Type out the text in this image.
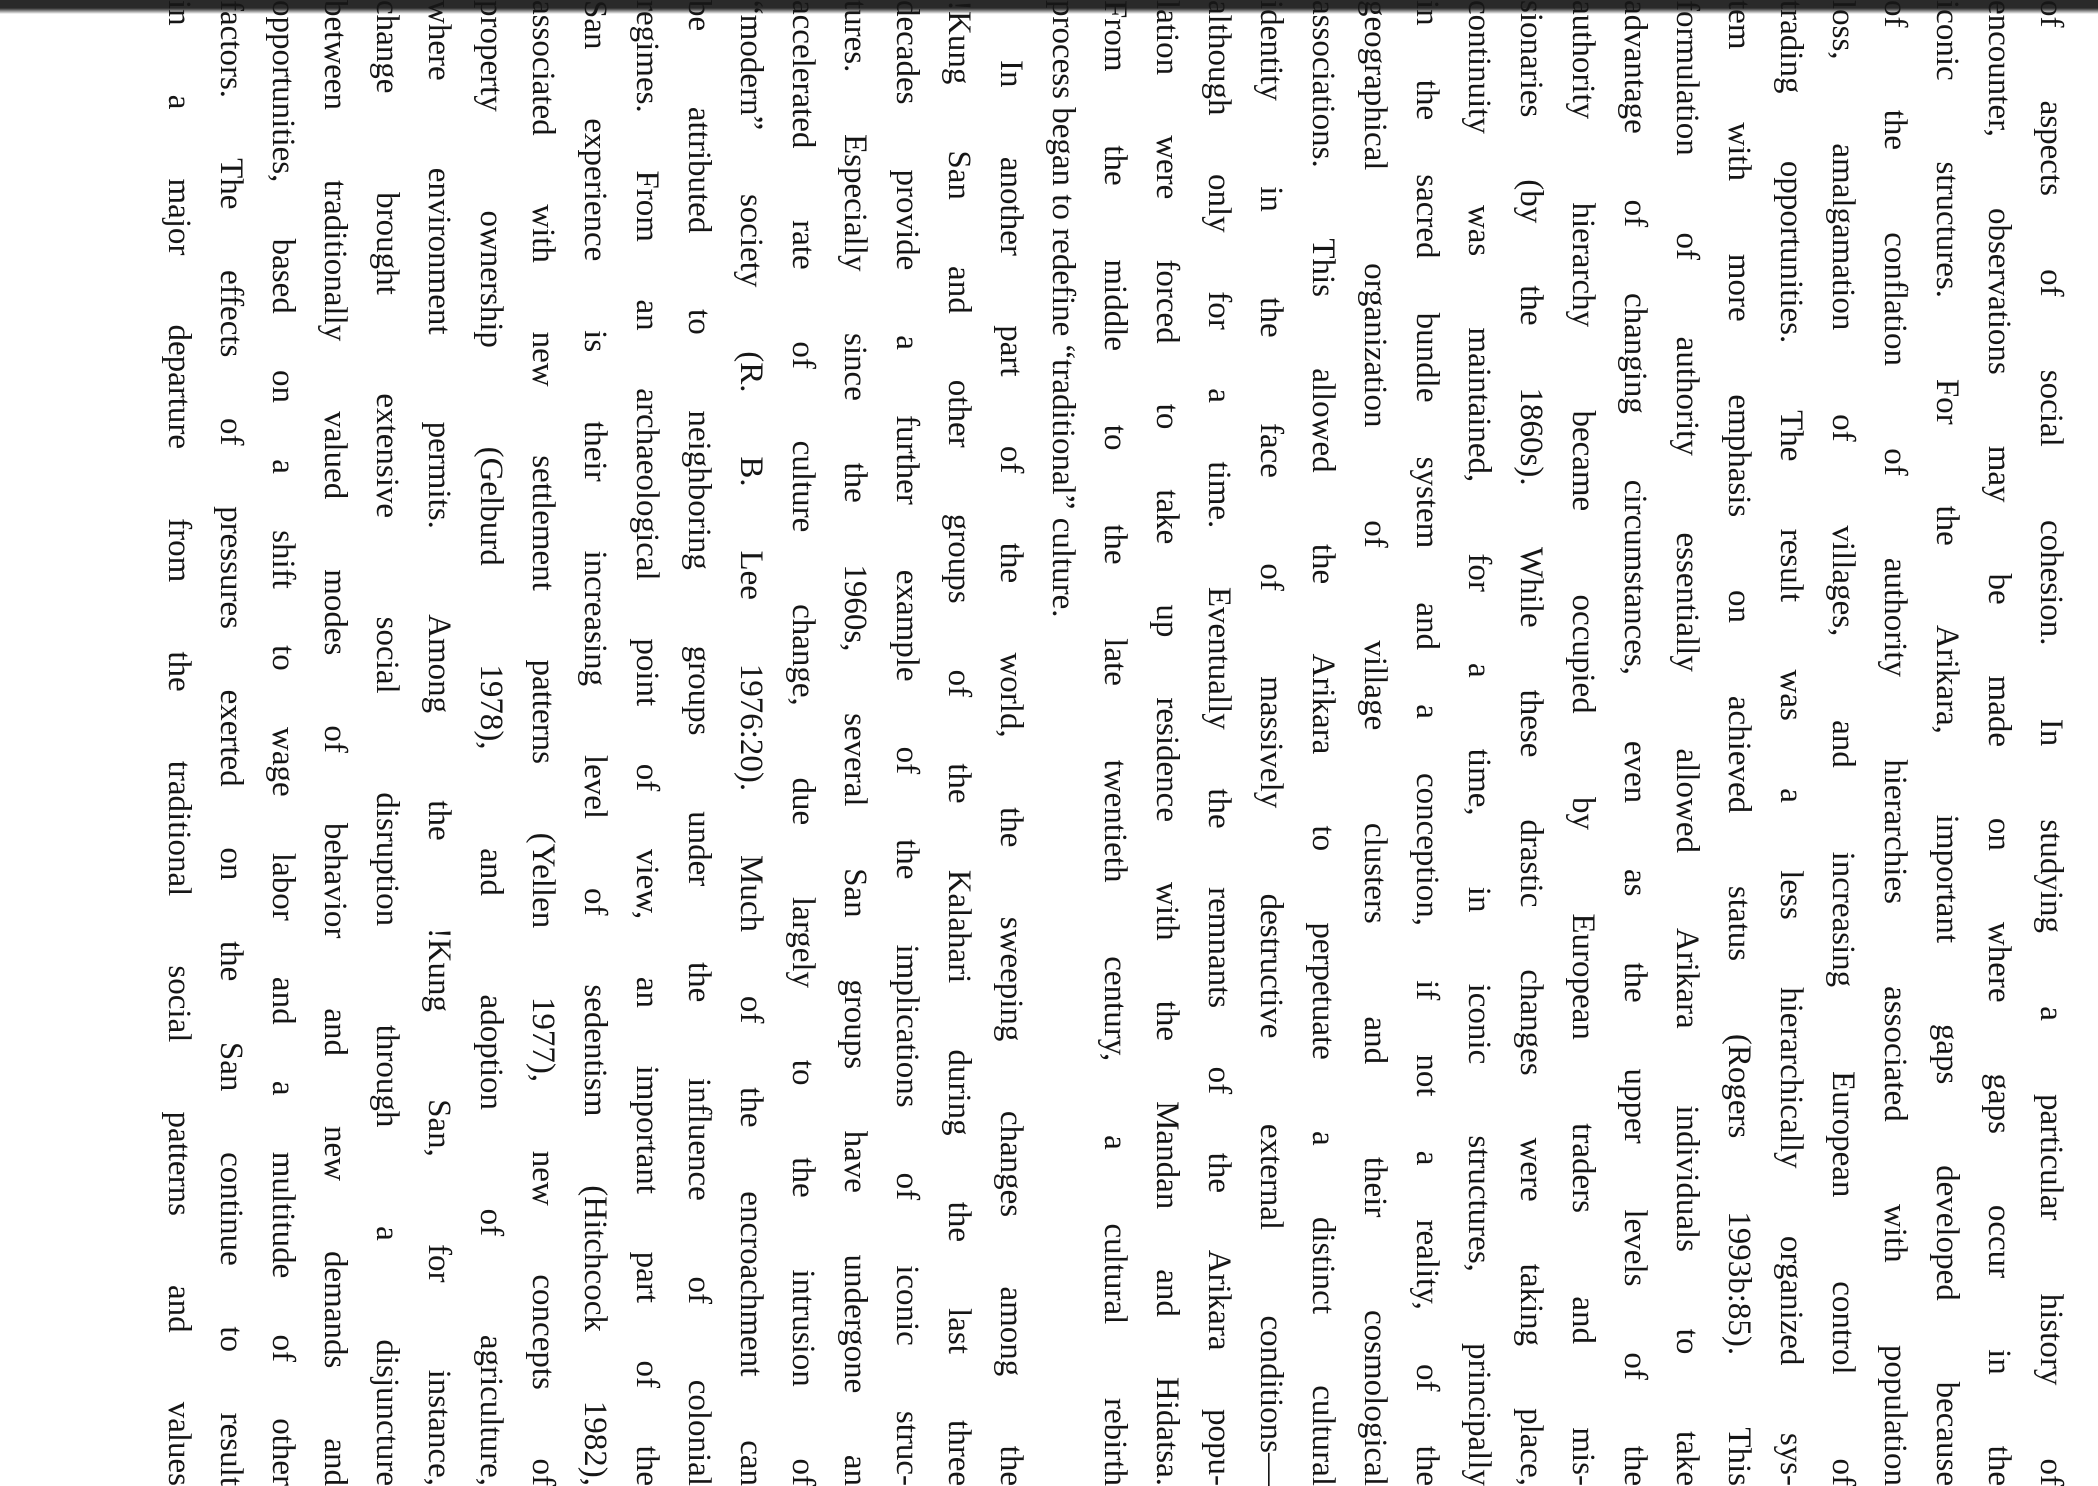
of aspects of social cohesion. In studying a particular history of
encounter, observations may be made on where gaps occur in the
iconic structures. For the Arikara, important gaps developed because
of the conflation of authority hierarchies associated with population
loss, amalgamation of villages, and increasing European control of
trading opportunities. The result was a less hierarchically organized sys-
tem with more emphasis on achieved status (Rogers 1993b:85). This
formulation of authority essentially allowed Arikara individuals to take
advantage of changing circumstances, even as the upper levels of the
authority hierarchy became occupied by European traders and mis-
sionaries (by the 1860s). While these drastic changes were taking place,
continuity was maintained, for a time, in iconic structures, principally
in the sacred bundle system and a conception, if not a reality, of the
geographical organization of village clusters and their cosmological
associations. This allowed the Arikara to perpetuate a distinct cultural
identity in the face of massively destructive external conditions—
although only for a time. Eventually the remnants of the Arikara popu-
lation were forced to take up residence with the Mandan and Hidatsa.
From the middle to the late twentieth century, a cultural rebirth
process began to redefine “traditional” culture.
In another part of the world, the sweeping changes among the
!Kung San and other groups of the Kalahari during the last three
decades provide a further example of the implications of iconic struc-
tures. Especially since the 1960s, several San groups have undergone an
accelerated rate of culture change, due largely to the intrusion of
“modern” society (R. B. Lee 1976:20). Much of the encroachment can
be attributed to neighboring groups under the influence of colonial
regimes. From an archaeological point of view, an important part of the
San experience is their increasing level of sedentism (Hitchcock 1982),
associated with new settlement patterns (Yellen 1977), new concepts of
property ownership (Gelburd 1978), and adoption of agriculture,
where environment permits. Among the !Kung San, for instance,
change brought extensive social disruption through a disjuncture
between traditionally valued modes of behavior and new demands and
opportunities, based on a shift to wage labor and a multitude of other
factors. The effects of pressures exerted on the San continue to result
in a major departure from the traditional social patterns and values
